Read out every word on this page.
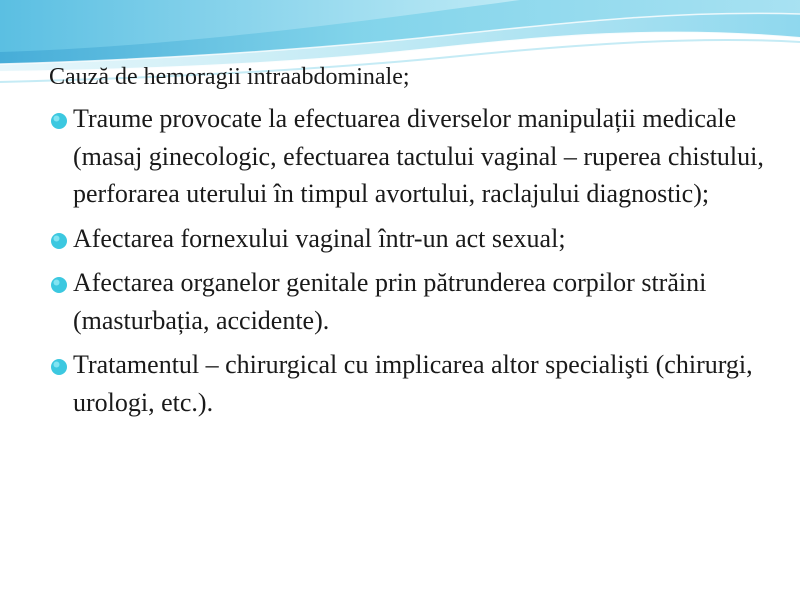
Cauză de hemoragii intraabdominale;
Traume provocate la efectuarea diverselor manipulații medicale (masaj ginecologic, efectuarea tactului vaginal – ruperea chistului, perforarea uterului în timpul avortului, raclajului diagnostic);
Afectarea fornexului vaginal într-un act sexual;
Afectarea organelor genitale prin pătrunderea corpilor străini (masturbația, accidente).
Tratamentul – chirurgical cu implicarea altor specialişti (chirurgi, urologi, etc.).
